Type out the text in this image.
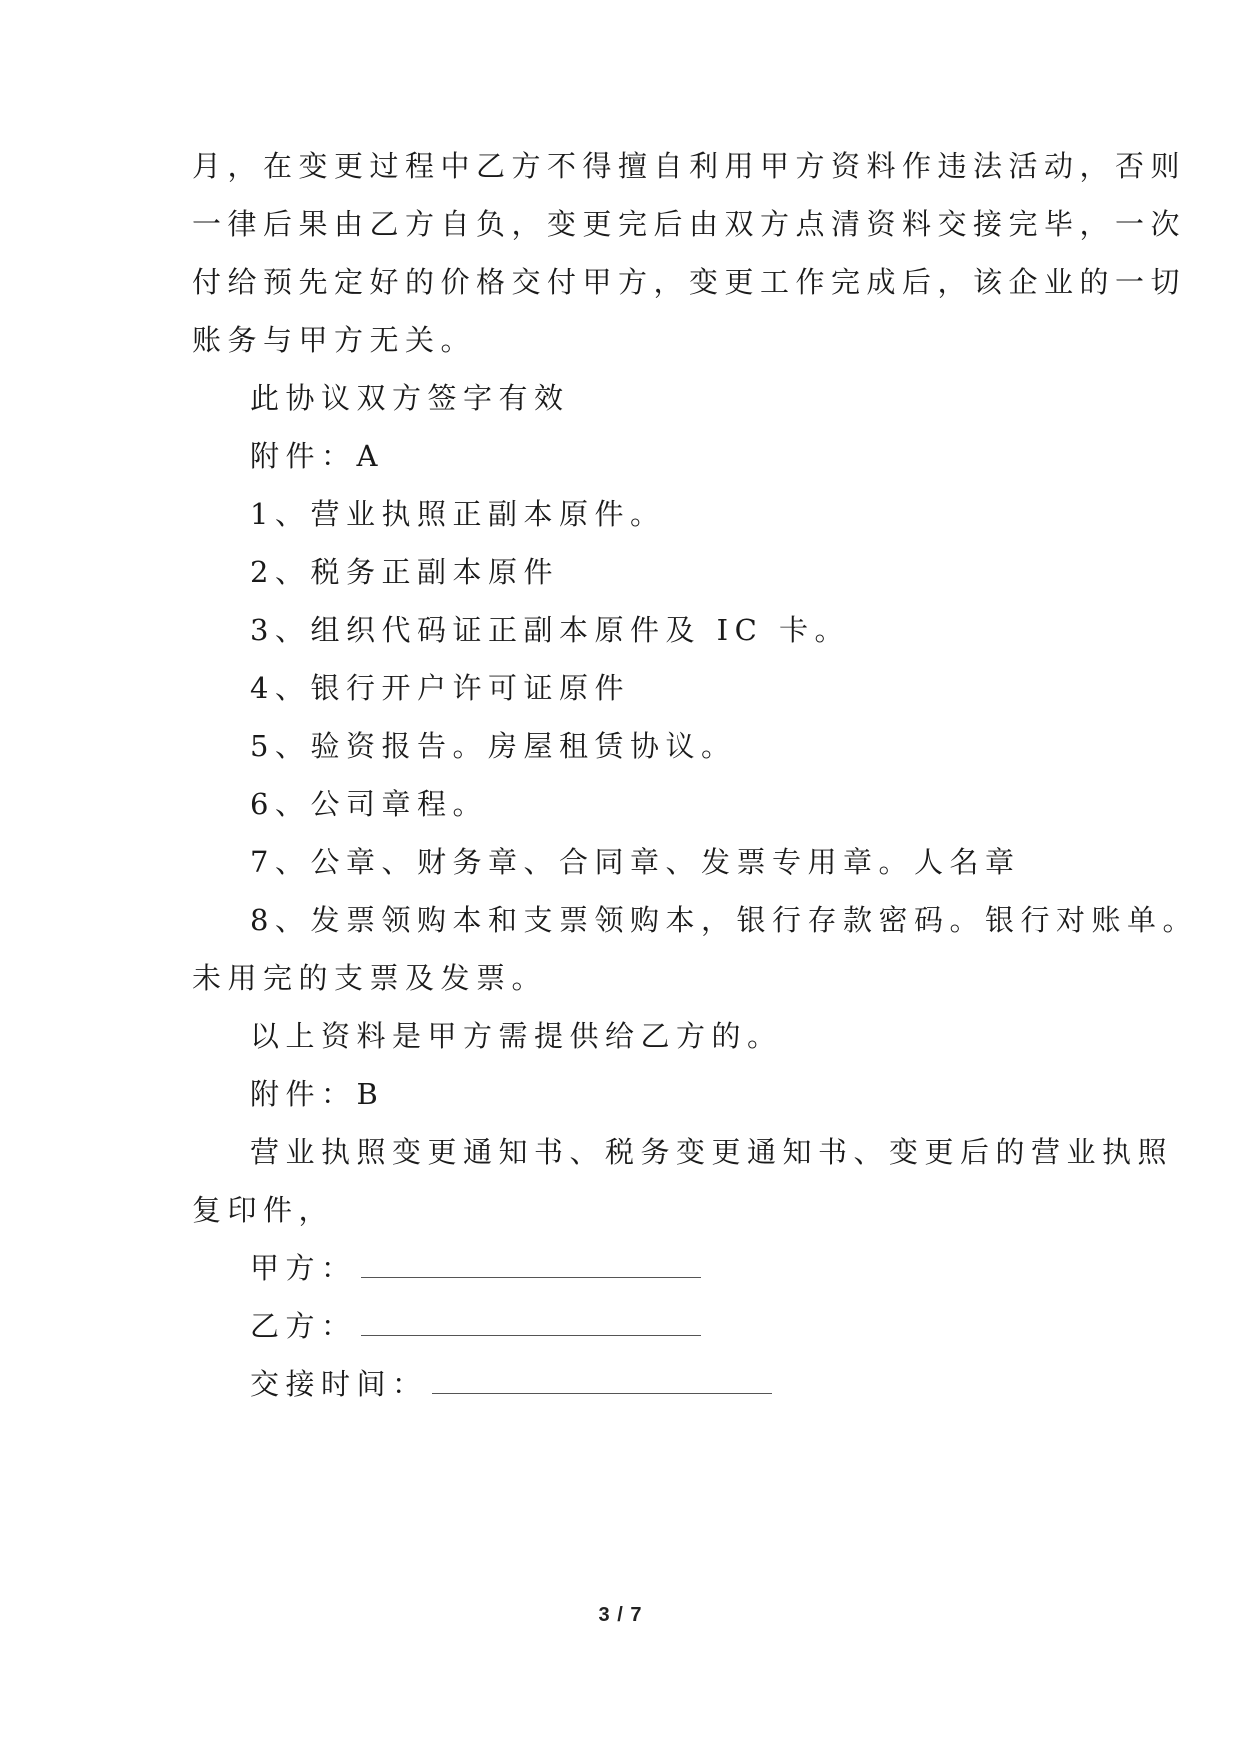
月，在变更过程中乙方不得擅自利用甲方资料作违法活动，否则
一律后果由乙方自负，变更完后由双方点清资料交接完毕，一次
付给预先定好的价格交付甲方，变更工作完成后，该企业的一切
账务与甲方无关。
此协议双方签字有效
附件：A
1、营业执照正副本原件。
2、税务正副本原件
3、组织代码证正副本原件及 IC 卡。
4、银行开户许可证原件
5、验资报告。房屋租赁协议。
6、公司章程。
7、公章、财务章、合同章、发票专用章。人名章
8、发票领购本和支票领购本，银行存款密码。银行对账单。
未用完的支票及发票。
以上资料是甲方需提供给乙方的。
附件：B
营业执照变更通知书、税务变更通知书、变更后的营业执照
复印件，
甲方：
乙方：
交接时间：
3 / 7
